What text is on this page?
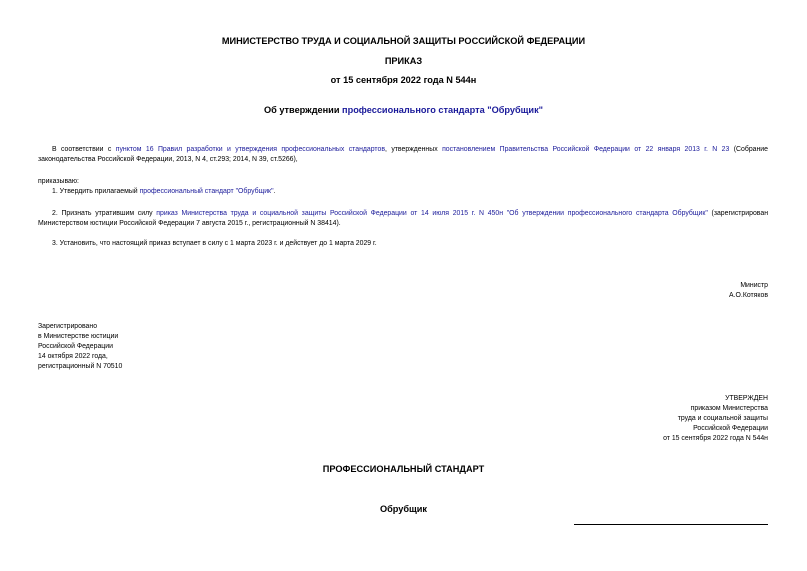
МИНИСТЕРСТВО ТРУДА И СОЦИАЛЬНОЙ ЗАЩИТЫ РОССИЙСКОЙ ФЕДЕРАЦИИ
ПРИКАЗ
от 15 сентября 2022 года N 544н
Об утверждении профессионального стандарта "Обрубщик"
В соответствии с пунктом 16 Правил разработки и утверждения профессиональных стандартов, утвержденных постановлением Правительства Российской Федерации от 22 января 2013 г. N 23 (Собрание законодательства Российской Федерации, 2013, N 4, ст.293; 2014, N 39, ст.5266),
приказываю:
1. Утвердить прилагаемый профессиональный стандарт "Обрубщик".
2. Признать утратившим силу приказ Министерства труда и социальной защиты Российской Федерации от 14 июля 2015 г. N 450н "Об утверждении профессионального стандарта Обрубщик" (зарегистрирован Министерством юстиции Российской Федерации 7 августа 2015 г., регистрационный N 38414).
3. Установить, что настоящий приказ вступает в силу с 1 марта 2023 г. и действует до 1 марта 2029 г.
Министр
А.О.Котяков
Зарегистрировано
в Министерстве юстиции
Российской Федерации
14 октября 2022 года,
регистрационный N 70510
УТВЕРЖДЕН
приказом Министерства
труда и социальной защиты
Российской Федерации
от 15 сентября 2022 года N 544н
ПРОФЕССИОНАЛЬНЫЙ СТАНДАРТ
Обрубщик
